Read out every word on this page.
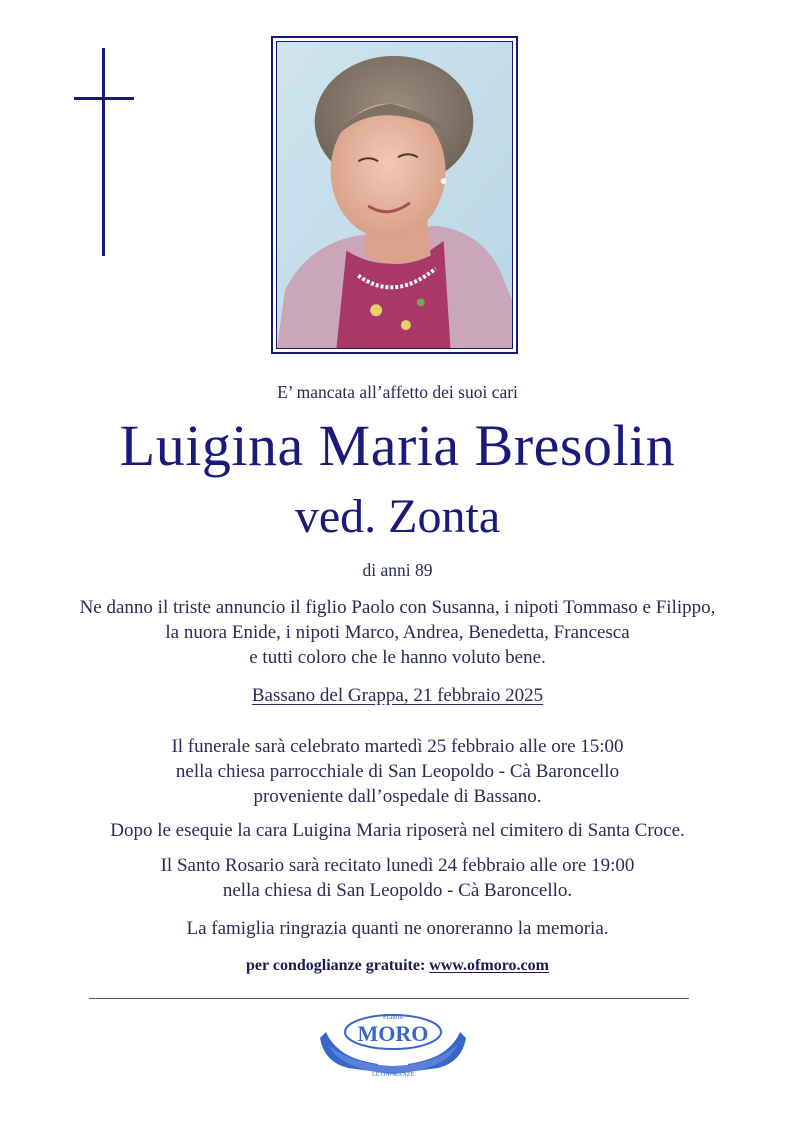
E’ mancata all’affetto dei suoi cari
Luigina Maria Bresolin
ved. Zonta
di anni 89
Ne danno il triste annuncio il figlio Paolo con Susanna, i nipoti Tommaso e Filippo,
la nuora Enide, i nipoti Marco, Andrea, Benedetta, Francesca
e tutti coloro che le hanno voluto bene.
Bassano del Grappa, 21 febbraio 2025
Il funerale sarà celebrato martedì 25 febbraio alle ore 15:00
nella chiesa parrocchiale di San Leopoldo - Cà Baroncello
proveniente dall’ospedale di Bassano.
Dopo le esequie la cara Luigina Maria riposerà nel cimitero di Santa Croce.
Il Santo Rosario sarà recitato lunedì 24 febbraio alle ore 19:00
nella chiesa di San Leopoldo - Cà Baroncello.
La famiglia ringrazia quanti ne onoreranno la memoria.
per condoglianze gratuite: www.ofmoro.com
Fratelli
MORO
LE ONORANZE
